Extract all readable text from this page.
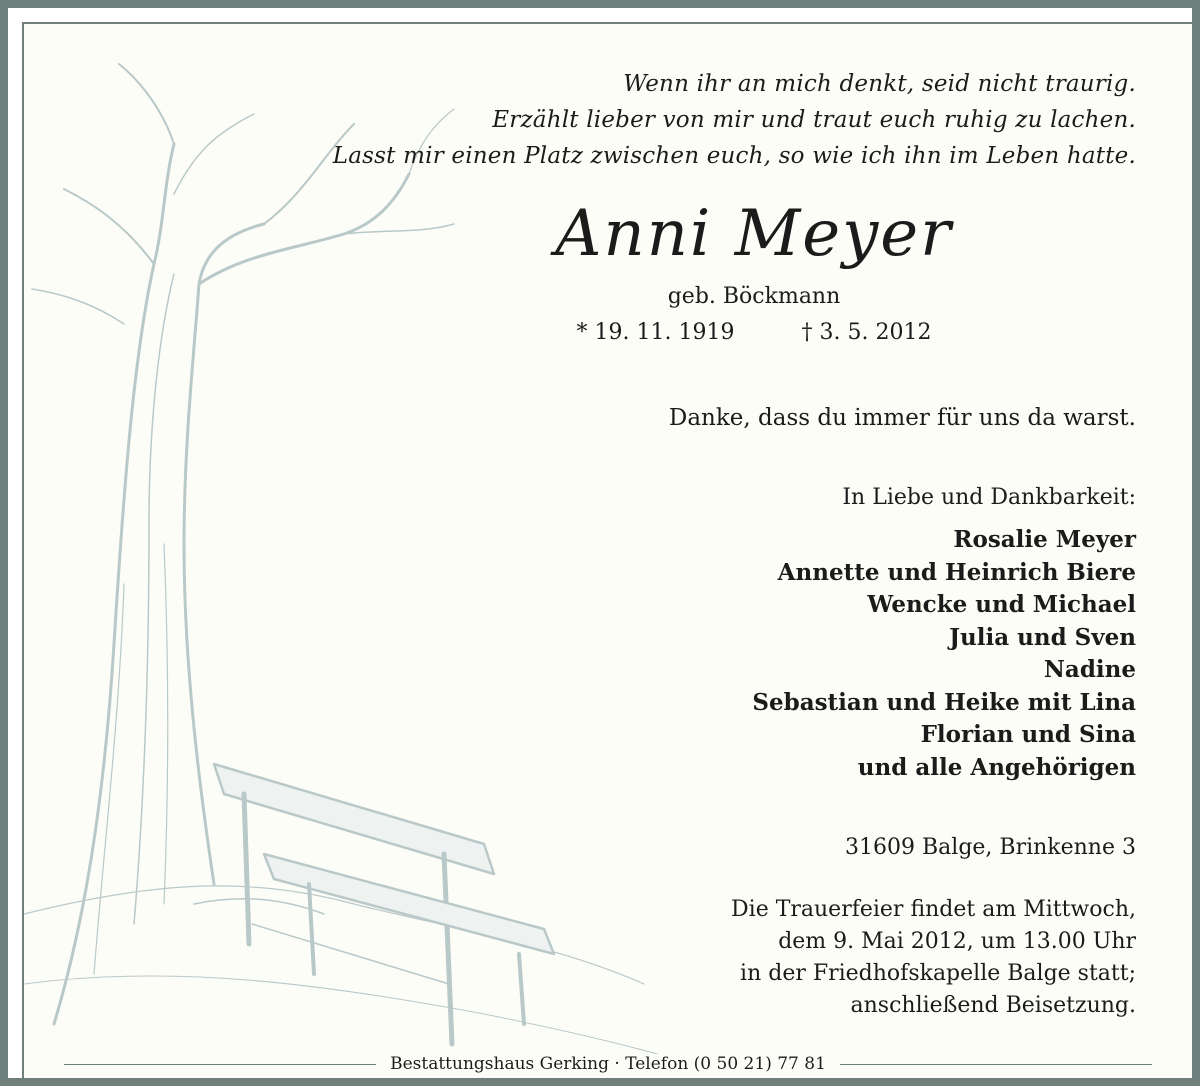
Wenn ihr an mich denkt, seid nicht traurig.
Erzählt lieber von mir und traut euch ruhig zu lachen.
Lasst mir einen Platz zwischen euch, so wie ich ihn im Leben hatte.
Anni Meyer
geb. Böckmann
* 19. 11. 1919	† 3. 5. 2012
Danke, dass du immer für uns da warst.
In Liebe und Dankbarkeit:
Rosalie Meyer
Annette und Heinrich Biere
Wencke und Michael
Julia und Sven
Nadine
Sebastian und Heike mit Lina
Florian und Sina
und alle Angehörigen
31609 Balge, Brinkenne 3
Die Trauerfeier findet am Mittwoch,
dem 9. Mai 2012, um 13.00 Uhr
in der Friedhofskapelle Balge statt;
anschließend Beisetzung.
Bestattungshaus Gerking · Telefon (0 50 21) 77 81
